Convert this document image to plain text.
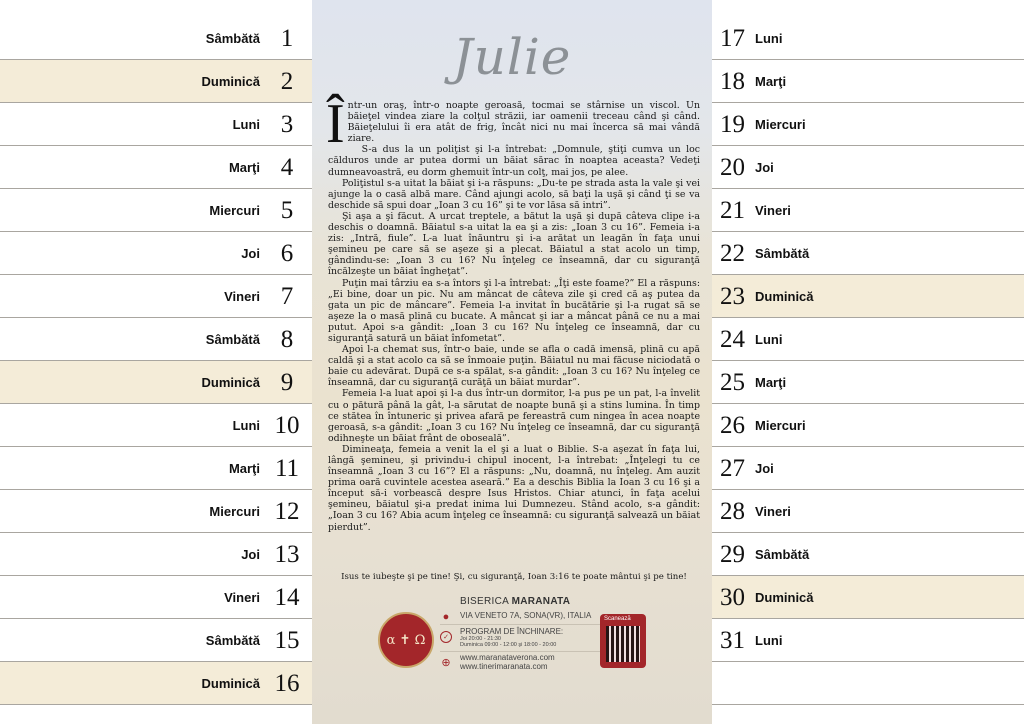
Sâmbătă 1
Duminică 2
Luni 3
Marţi 4
Miercuri 5
Joi 6
Vineri 7
Sâmbătă 8
Duminică 9
Luni 10
Marţi 11
Miercuri 12
Joi 13
Vineri 14
Sâmbătă 15
Duminică 16
Julie

Într-un oraş, într-o noapte geroasă, tocmai se stârnise un viscol. Un băieţel vindea ziare la colţul străzii, iar oamenii treceau când şi când. Băieţelului îi era atât de frig, încât nici nu mai încerca să mai vândă ziare.

S-a dus la un poliţist şi l-a întrebat: „Domnule, ştiţi cumva un loc călduros unde ar putea dormi un băiat sărac în noaptea aceasta? Vedeţi dumneavoastră, eu dorm ghemuit într-un colţ, mai jos, pe alee.

Poliţistul s-a uitat la băiat şi i-a răspuns: „Du-te pe strada asta la vale şi vei ajunge la o casă albă mare. Când ajungi acolo, să baţi la uşă şi când ţi se va deschide să spui doar „Ioan 3 cu 16” şi te vor lăsa să intri”.

Şi aşa a şi făcut. A urcat treptele, a bătut la uşă şi după câteva clipe i-a deschis o doamnă. Băiatul s-a uitat la ea şi a zis: „Ioan 3 cu 16”. Femeia i-a zis: „Intră, fiule”. L-a luat înăuntru şi i-a arătat un leagăn în faţa unui şemineu pe care să se aşeze şi a plecat. Băiatul a stat acolo un timp, gândindu-se: „Ioan 3 cu 16? Nu înţeleg ce înseamnă, dar cu siguranţă încălzeşte un băiat îngheţat”.

Puţin mai târziu ea s-a întors şi l-a întrebat: „Îţi este foame?” El a răspuns: „Ei bine, doar un pic. Nu am mâncat de câteva zile şi cred că aş putea da gata un pic de mâncare”. Femeia l-a invitat în bucătărie şi l-a rugat să se aşeze la o masă plină cu bucate. A mâncat şi iar a mâncat până ce nu a mai putut. Apoi s-a gândit: „Ioan 3 cu 16? Nu înţeleg ce înseamnă, dar cu siguranţă satură un băiat înfometat”.

Apoi l-a chemat sus, într-o baie, unde se afla o cadă imensă, plină cu apă caldă şi a stat acolo ca să se înmoaie puţin. Băiatul nu mai făcuse niciodată o baie cu adevărat. După ce s-a spălat, s-a gândit: „Ioan 3 cu 16? Nu înţeleg ce înseamnă, dar cu siguranţă curăţă un băiat murdar”.

Femeia l-a luat apoi şi l-a dus într-un dormitor, l-a pus pe un pat, l-a învelit cu o pătură până la gât, l-a sărutat de noapte bună şi a stins lumina. În timp ce stătea în întuneric şi privea afară pe fereastră cum ningea în acea noapte geroasă, s-a gândit: „Ioan 3 cu 16? Nu înţeleg ce înseamnă, dar cu siguranţă odihneşte un băiat frânt de oboseală”.

Dimineaţa, femeia a venit la el şi a luat o Biblie. S-a aşezat în faţa lui, lângă şemineu, şi privindu-i chipul inocent, l-a întrebat: „Înţelegi tu ce înseamnă „Ioan 3 cu 16”? El a răspuns: „Nu, doamnă, nu înţeleg. Am auzit prima oară cuvintele acestea aseară.” Ea a deschis Biblia la Ioan 3 cu 16 şi a început să-i vorbească despre Isus Hristos. Chiar atunci, în faţa acelui şemineu, băiatul şi-a predat inima lui Dumnezeu. Stând acolo, s-a gândit: „Ioan 3 cu 16? Abia acum înţeleg ce înseamnă: cu siguranţă salvează un băiat pierdut”.

Isus te iubeşte şi pe tine! Şi, cu siguranţă, Ioan 3:16 te poate mântui şi pe tine!
α ✝ Ω
BISERICA MARANATA
●	VIA VENETO 7A, SONA(VR), ITALIA
✓
PROGRAM DE ÎNCHINARE:
Joi 20:00 - 21:30
Duminica 09:00 - 12:00 şi 18:00 - 20:00
⊕ www.maranataverona.com
www.tinerimaranata.com
Scanează
17 Luni
18 Marţi
19 Miercuri
20 Joi
21 Vineri
22 Sâmbătă
23 Duminică
24 Luni
25 Marţi
26 Miercuri
27 Joi
28 Vineri
29 Sâmbătă
30 Duminică
31 Luni
